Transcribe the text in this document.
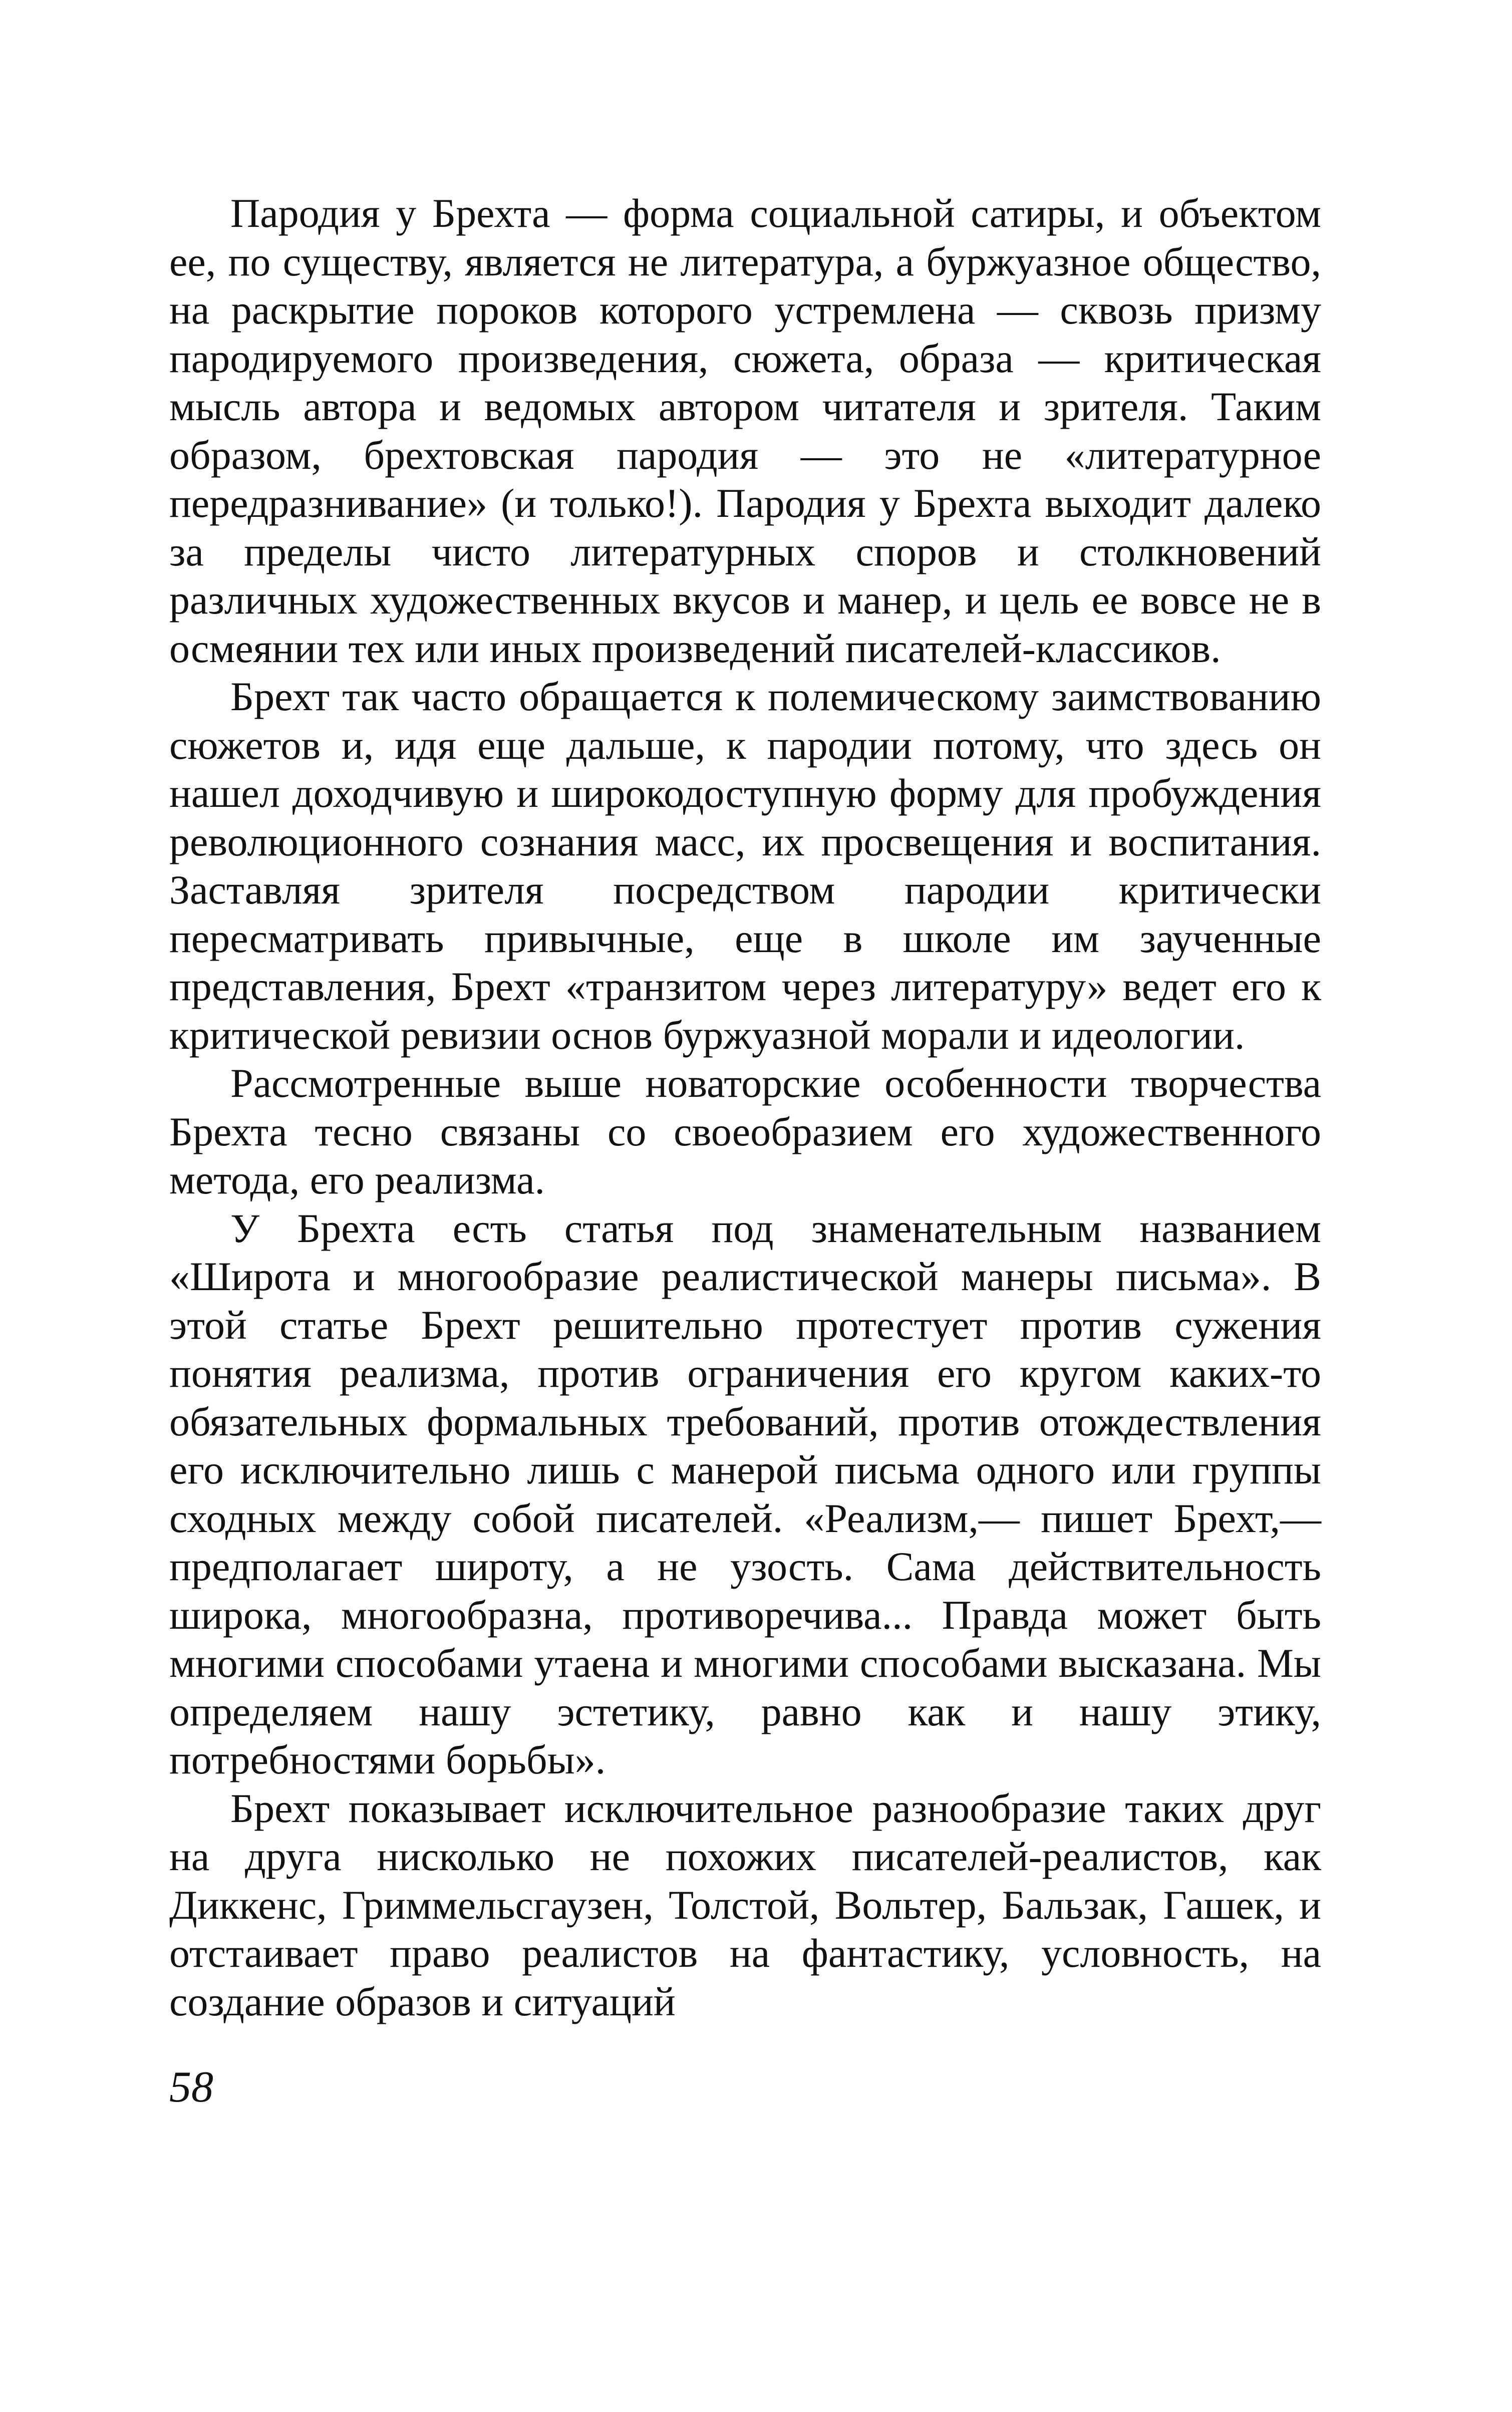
Пародия у Брехта — форма социальной сатиры, и объектом ее, по существу, является не литература, а буржуазное общество, на раскрытие пороков которого устремлена — сквозь призму пародируемого произведения, сюжета, образа — критическая мысль автора и ведомых автором читателя и зрителя. Таким образом, брехтовская пародия — это не «литературное передразнивание» (и только!). Пародия у Брехта выходит далеко за пределы чисто литературных споров и столкновений различных художественных вкусов и манер, и цель ее вовсе не в осмеянии тех или иных произведений писателей-классиков.

Брехт так часто обращается к полемическому заимствованию сюжетов и, идя еще дальше, к пародии потому, что здесь он нашел доходчивую и широкодоступную форму для пробуждения революционного сознания масс, их просвещения и воспитания. Заставляя зрителя посредством пародии критически пересматривать привычные, еще в школе им заученные представления, Брехт «транзитом через литературу» ведет его к критической ревизии основ буржуазной морали и идеологии.

Рассмотренные выше новаторские особенности творчества Брехта тесно связаны со своеобразием его художественного метода, его реализма.

У Брехта есть статья под знаменательным названием «Широта и многообразие реалистической манеры письма». В этой статье Брехт решительно протестует против сужения понятия реализма, против ограничения его кругом каких-то обязательных формальных требований, против отождествления его исключительно лишь с манерой письма одного или группы сходных между собой писателей. «Реализм,— пишет Брехт,— предполагает широту, а не узость. Сама действительность широка, многообразна, противоречива... Правда может быть многими способами утаена и многими способами высказана. Мы определяем нашу эстетику, равно как и нашу этику, потребностями борьбы».

Брехт показывает исключительное разнообразие таких друг на друга нисколько не похожих писателей-реалистов, как Диккенс, Гриммельсгаузен, Толстой, Вольтер, Бальзак, Гашек, и отстаивает право реалистов на фантастику, условность, на создание образов и ситуаций

58
